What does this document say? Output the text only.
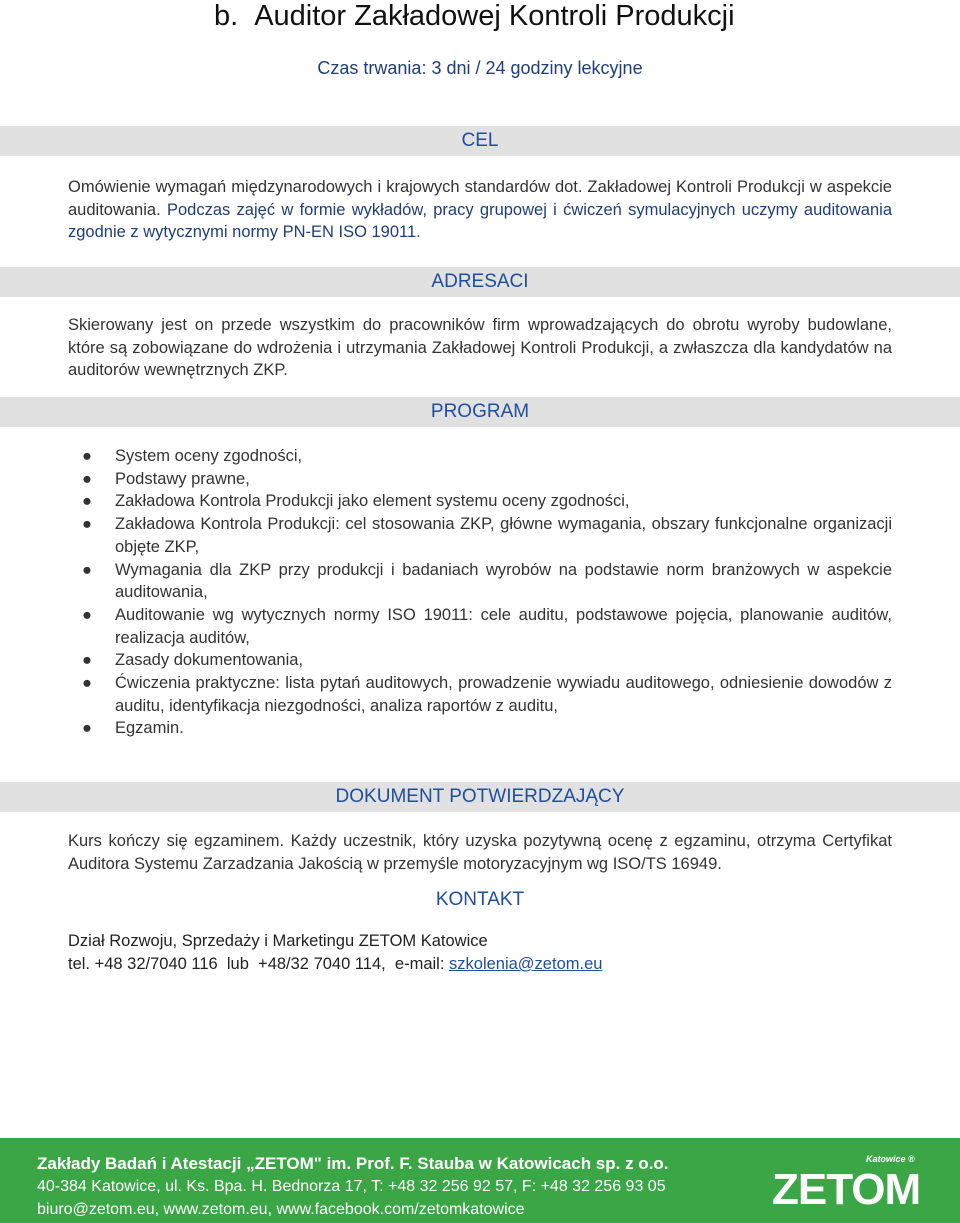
b. Auditor Zakładowej Kontroli Produkcji
Czas trwania: 3 dni / 24 godziny lekcyjne
CEL
Omówienie wymagań międzynarodowych i krajowych standardów dot. Zakładowej Kontroli Produkcji w aspekcie auditowania. Podczas zajęć w formie wykładów, pracy grupowej i ćwiczeń symulacyjnych uczymy auditowania zgodnie z wytycznymi normy PN-EN ISO 19011.
ADRESACI
Skierowany jest on przede wszystkim do pracowników firm wprowadzających do obrotu wyroby budowlane, które są zobowiązane do wdrożenia i utrzymania Zakładowej Kontroli Produkcji, a zwłaszcza dla kandydatów na auditorów wewnętrznych ZKP.
PROGRAM
● System oceny zgodności,
● Podstawy prawne,
● Zakładowa Kontrola Produkcji jako element systemu oceny zgodności,
● Zakładowa Kontrola Produkcji: cel stosowania ZKP, główne wymagania, obszary funkcjonalne organizacji objęte ZKP,
● Wymagania dla ZKP przy produkcji i badaniach wyrobów na podstawie norm branżowych w aspekcie auditowania,
● Auditowanie wg wytycznych normy ISO 19011: cele auditu, podstawowe pojęcia, planowanie auditów, realizacja auditów,
● Zasady dokumentowania,
● Ćwiczenia praktyczne: lista pytań auditowych, prowadzenie wywiadu auditowego, odniesienie dowodów z auditu, identyfikacja niezgodności, analiza raportów z auditu,
● Egzamin.
DOKUMENT POTWIERDZAJĄCY
Kurs kończy się egzaminem. Każdy uczestnik, który uzyska pozytywną ocenę z egzaminu, otrzyma Certyfikat Auditora Systemu Zarzadzania Jakością w przemyśle motoryzacyjnym wg ISO/TS 16949.
KONTAKT
Dział Rozwoju, Sprzedaży i Marketingu ZETOM Katowice
tel. +48 32/7040 116  lub  +48/32 7040 114,  e-mail: szkolenia@zetom.eu
Zakłady Badań i Atestacji „ZETOM" im. Prof. F. Stauba w Katowicach sp. z o.o.
40-384 Katowice, ul. Ks. Bpa. H. Bednorza 17, T: +48 32 256 92 57, F: +48 32 256 93 05
biuro@zetom.eu, www.zetom.eu, www.facebook.com/zetomkatowice
Katowice ®
ZETOM
